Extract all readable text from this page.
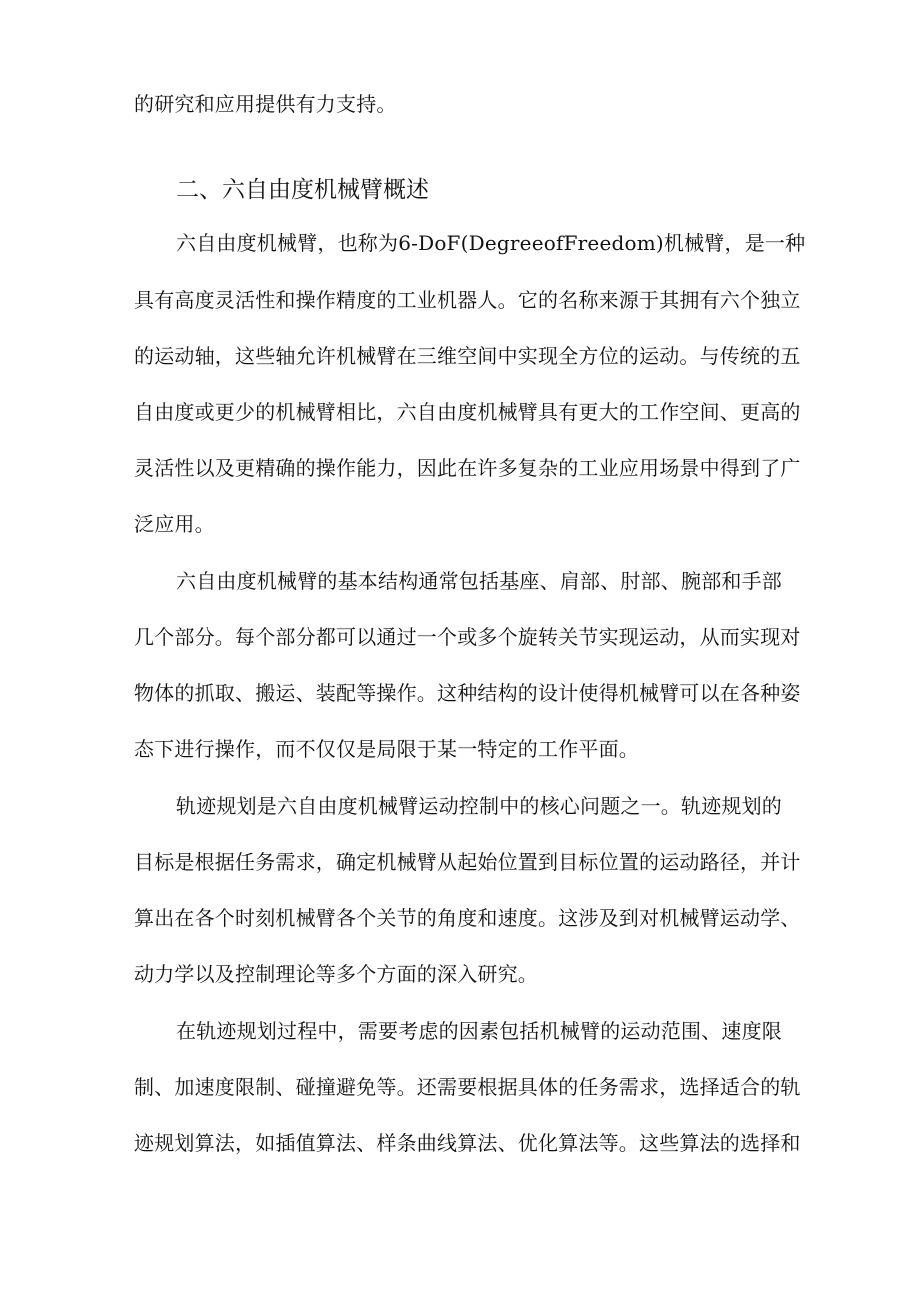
的研究和应用提供有力支持。
二、六自由度机械臂概述
六自由度机械臂，也称为6-DoF(DegreeofFreedom)机械臂，是一种
具有高度灵活性和操作精度的工业机器人。它的名称来源于其拥有六个独立
的运动轴，这些轴允许机械臂在三维空间中实现全方位的运动。与传统的五
自由度或更少的机械臂相比，六自由度机械臂具有更大的工作空间、更高的
灵活性以及更精确的操作能力，因此在许多复杂的工业应用场景中得到了广
泛应用。
六自由度机械臂的基本结构通常包括基座、肩部、肘部、腕部和手部
几个部分。每个部分都可以通过一个或多个旋转关节实现运动，从而实现对
物体的抓取、搬运、装配等操作。这种结构的设计使得机械臂可以在各种姿
态下进行操作，而不仅仅是局限于某一特定的工作平面。
轨迹规划是六自由度机械臂运动控制中的核心问题之一。轨迹规划的
目标是根据任务需求，确定机械臂从起始位置到目标位置的运动路径，并计
算出在各个时刻机械臂各个关节的角度和速度。这涉及到对机械臂运动学、
动力学以及控制理论等多个方面的深入研究。
在轨迹规划过程中，需要考虑的因素包括机械臂的运动范围、速度限
制、加速度限制、碰撞避免等。还需要根据具体的任务需求，选择适合的轨
迹规划算法，如插值算法、样条曲线算法、优化算法等。这些算法的选择和
